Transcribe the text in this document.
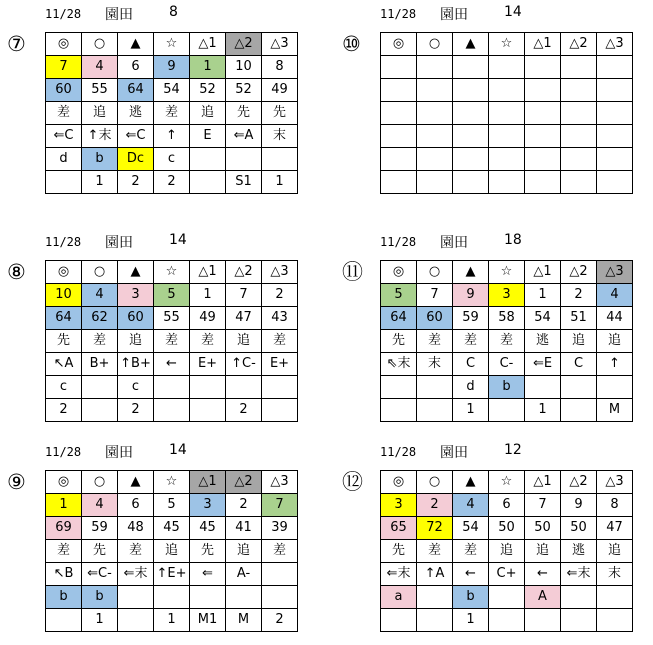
⑦
11/28 園田	8
◎	○	▲	☆	△1	△2	△3
7	4	6	9	1	10	8
60	55	64	54	52	52	49
差	追	逃	差	追	先	先
⇐C	↑末	⇐C	↑	E	⇐A	末
d	b	Dc	c			
	1	2	2		S1	1
⑩
11/28 園田	14
◎	○	▲	☆	△1	△2	△3

⑧
11/28 園田	14
◎	○	▲	☆	△1	△2	△3
10	4	3	5	1	7	2
64	62	60	55	49	47	43
先	差	追	差	差	追	差
↖A	B+	↑B+	←	E+	↑C-	E+
c		c				
2		2			2	
⑪
11/28 園田	18
◎	○	▲	☆	△1	△2	△3
5	7	9	3	1	2	4
64	60	59	58	54	51	44
先	差	差	差	逃	追	追
⇖末	末	C	C-	⇐E	C	↑
		d	b			
		1		1		M
⑨
11/28 園田	14
◎	○	▲	☆	△1	△2	△3
1	4	6	5	3	2	7
69	59	48	45	45	41	39
差	先	差	追	先	追	差
↖B	⇐C-	⇐末	↑E+	⇐	A-	
b	b					
	1		1	M1	M	2
⑫
11/28 園田	12
◎	○	▲	☆	△1	△2	△3
3	2	4	6	7	9	8
65	72	54	50	50	50	47
先	差	差	追	追	逃	追
⇐末	↑A	←	C+	←	⇐末	末
a		b		A		
		1				
